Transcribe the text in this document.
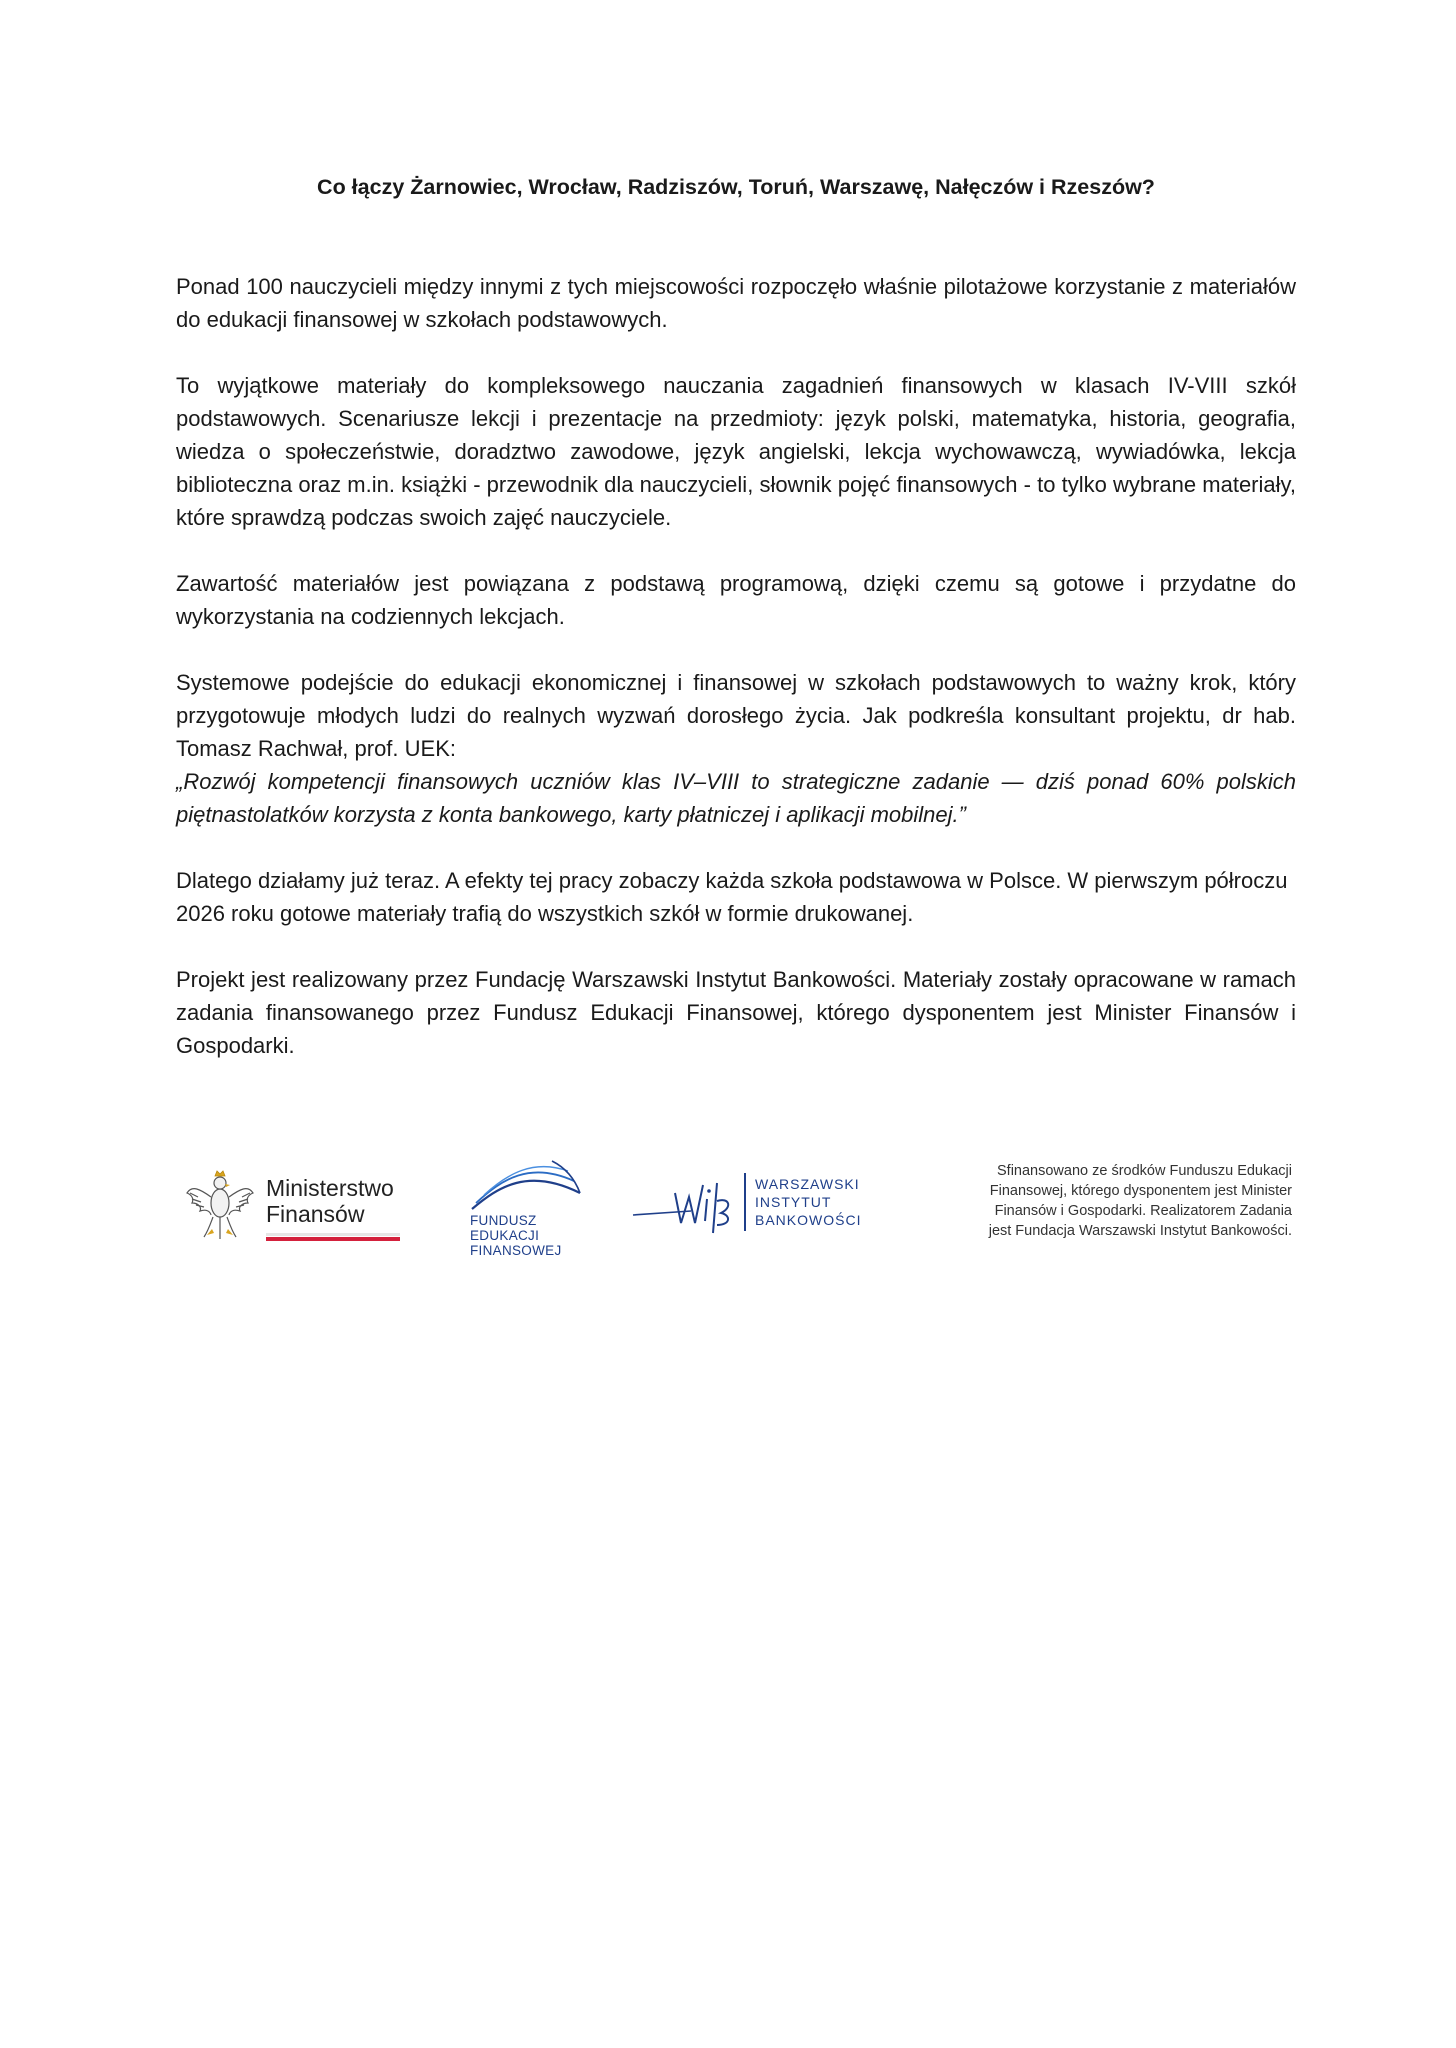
Co łączy Żarnowiec, Wrocław, Radziszów, Toruń, Warszawę, Nałęczów i Rzeszów?

Ponad 100 nauczycieli między innymi z tych miejscowości rozpoczęło właśnie pilotażowe korzystanie z materiałów do edukacji finansowej w szkołach podstawowych.

To wyjątkowe materiały do kompleksowego nauczania zagadnień finansowych w klasach IV-VIII szkół podstawowych. Scenariusze lekcji i prezentacje na przedmioty: język polski, matematyka, historia, geografia, wiedza o społeczeństwie, doradztwo zawodowe, język angielski, lekcja wychowawczą, wywiadówka, lekcja biblioteczna oraz m.in. książki - przewodnik dla nauczycieli, słownik pojęć finansowych - to tylko wybrane materiały, które sprawdzą podczas swoich zajęć nauczyciele.

Zawartość materiałów jest powiązana z podstawą programową, dzięki czemu są gotowe i przydatne do wykorzystania na codziennych lekcjach.

Systemowe podejście do edukacji ekonomicznej i finansowej w szkołach podstawowych to ważny krok, który przygotowuje młodych ludzi do realnych wyzwań dorosłego życia. Jak podkreśla konsultant projektu, dr hab. Tomasz Rachwał, prof. UEK:
„Rozwój kompetencji finansowych uczniów klas IV–VIII to strategiczne zadanie — dziś ponad 60% polskich piętnastolatków korzysta z konta bankowego, karty płatniczej i aplikacji mobilnej.”

Dlatego działamy już teraz. A efekty tej pracy zobaczy każda szkoła podstawowa w Polsce. W pierwszym półroczu 2026 roku gotowe materiały trafią do wszystkich szkół w formie drukowanej.

Projekt jest realizowany przez Fundację Warszawski Instytut Bankowości. Materiały zostały opracowane w ramach zadania finansowanego przez Fundusz Edukacji Finansowej, którego dysponentem jest Minister Finansów i Gospodarki.

Ministerstwo
Finansów	FUNDUSZ
EDUKACJI
FINANSOWEJ
WARSZAWSKI
INSTYTUT
BANKOWOŚCI
Sfinansowano ze środków Funduszu Edukacji
Finansowej, którego dysponentem jest Minister
Finansów i Gospodarki. Realizatorem Zadania
jest Fundacja Warszawski Instytut Bankowości.
